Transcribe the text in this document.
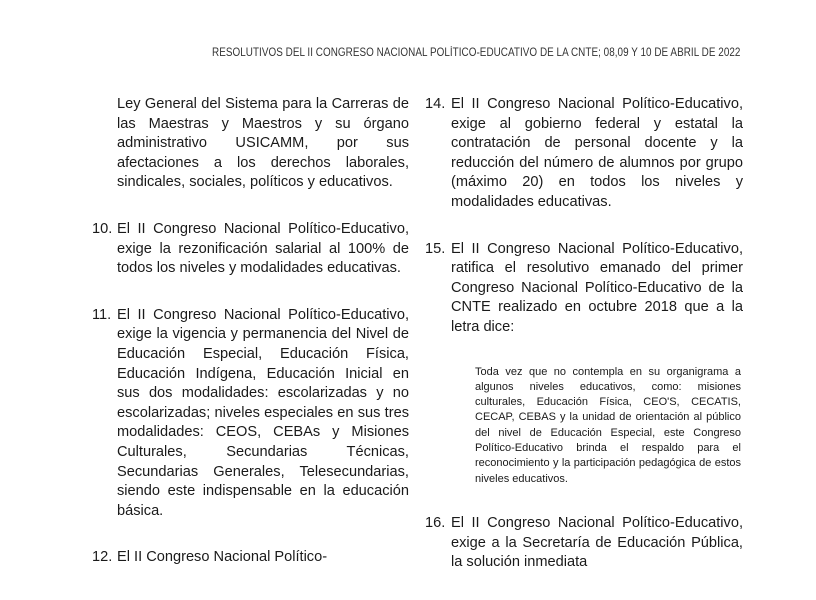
RESOLUTIVOS DEL II CONGRESO NACIONAL POLÍTICO-EDUCATIVO DE LA CNTE; 08,09 Y 10 DE ABRIL DE 2022

Ley General del Sistema para la Carreras de las Maestras y Maestros y su órgano administrativo USICAMM, por sus afectaciones a los derechos laborales, sindicales, sociales, políticos y educativos.

10. El II Congreso Nacional Político-Educativo, exige la rezonificación salarial al 100% de todos los niveles y modalidades educativas.

11. El II Congreso Nacional Político-Educativo, exige la vigencia y permanencia del Nivel de Educación Especial, Educación Física, Educación Indígena, Educación Inicial en sus dos modalidades: escolarizadas y no escolarizadas; niveles especiales en sus tres modalidades: CEOS, CEBAs y Misiones Culturales, Secundarias Técnicas, Secundarias Generales, Telesecundarias, siendo este indispensable en la educación básica.

12. El II Congreso Nacional Político-

14. El II Congreso Nacional Político-Educativo, exige al gobierno federal y estatal la contratación de personal docente y la reducción del número de alumnos por grupo (máximo 20) en todos los niveles y modalidades educativas.

15. El II Congreso Nacional Político-Educativo, ratifica el resolutivo emanado del primer Congreso Nacional Político-Educativo de la CNTE realizado en octubre 2018 que a la letra dice:

Toda vez que no contempla en su organigrama a algunos niveles educativos, como: misiones culturales, Educación Física, CEO'S, CECATIS, CECAP, CEBAS y la unidad de orientación al público del nivel de Educación Especial, este Congreso Político-Educativo brinda el respaldo para el reconocimiento y la participación pedagógica de estos niveles educativos.

16. El II Congreso Nacional Político-Educativo, exige a la Secretaría de Educación Pública, la solución inmediata
